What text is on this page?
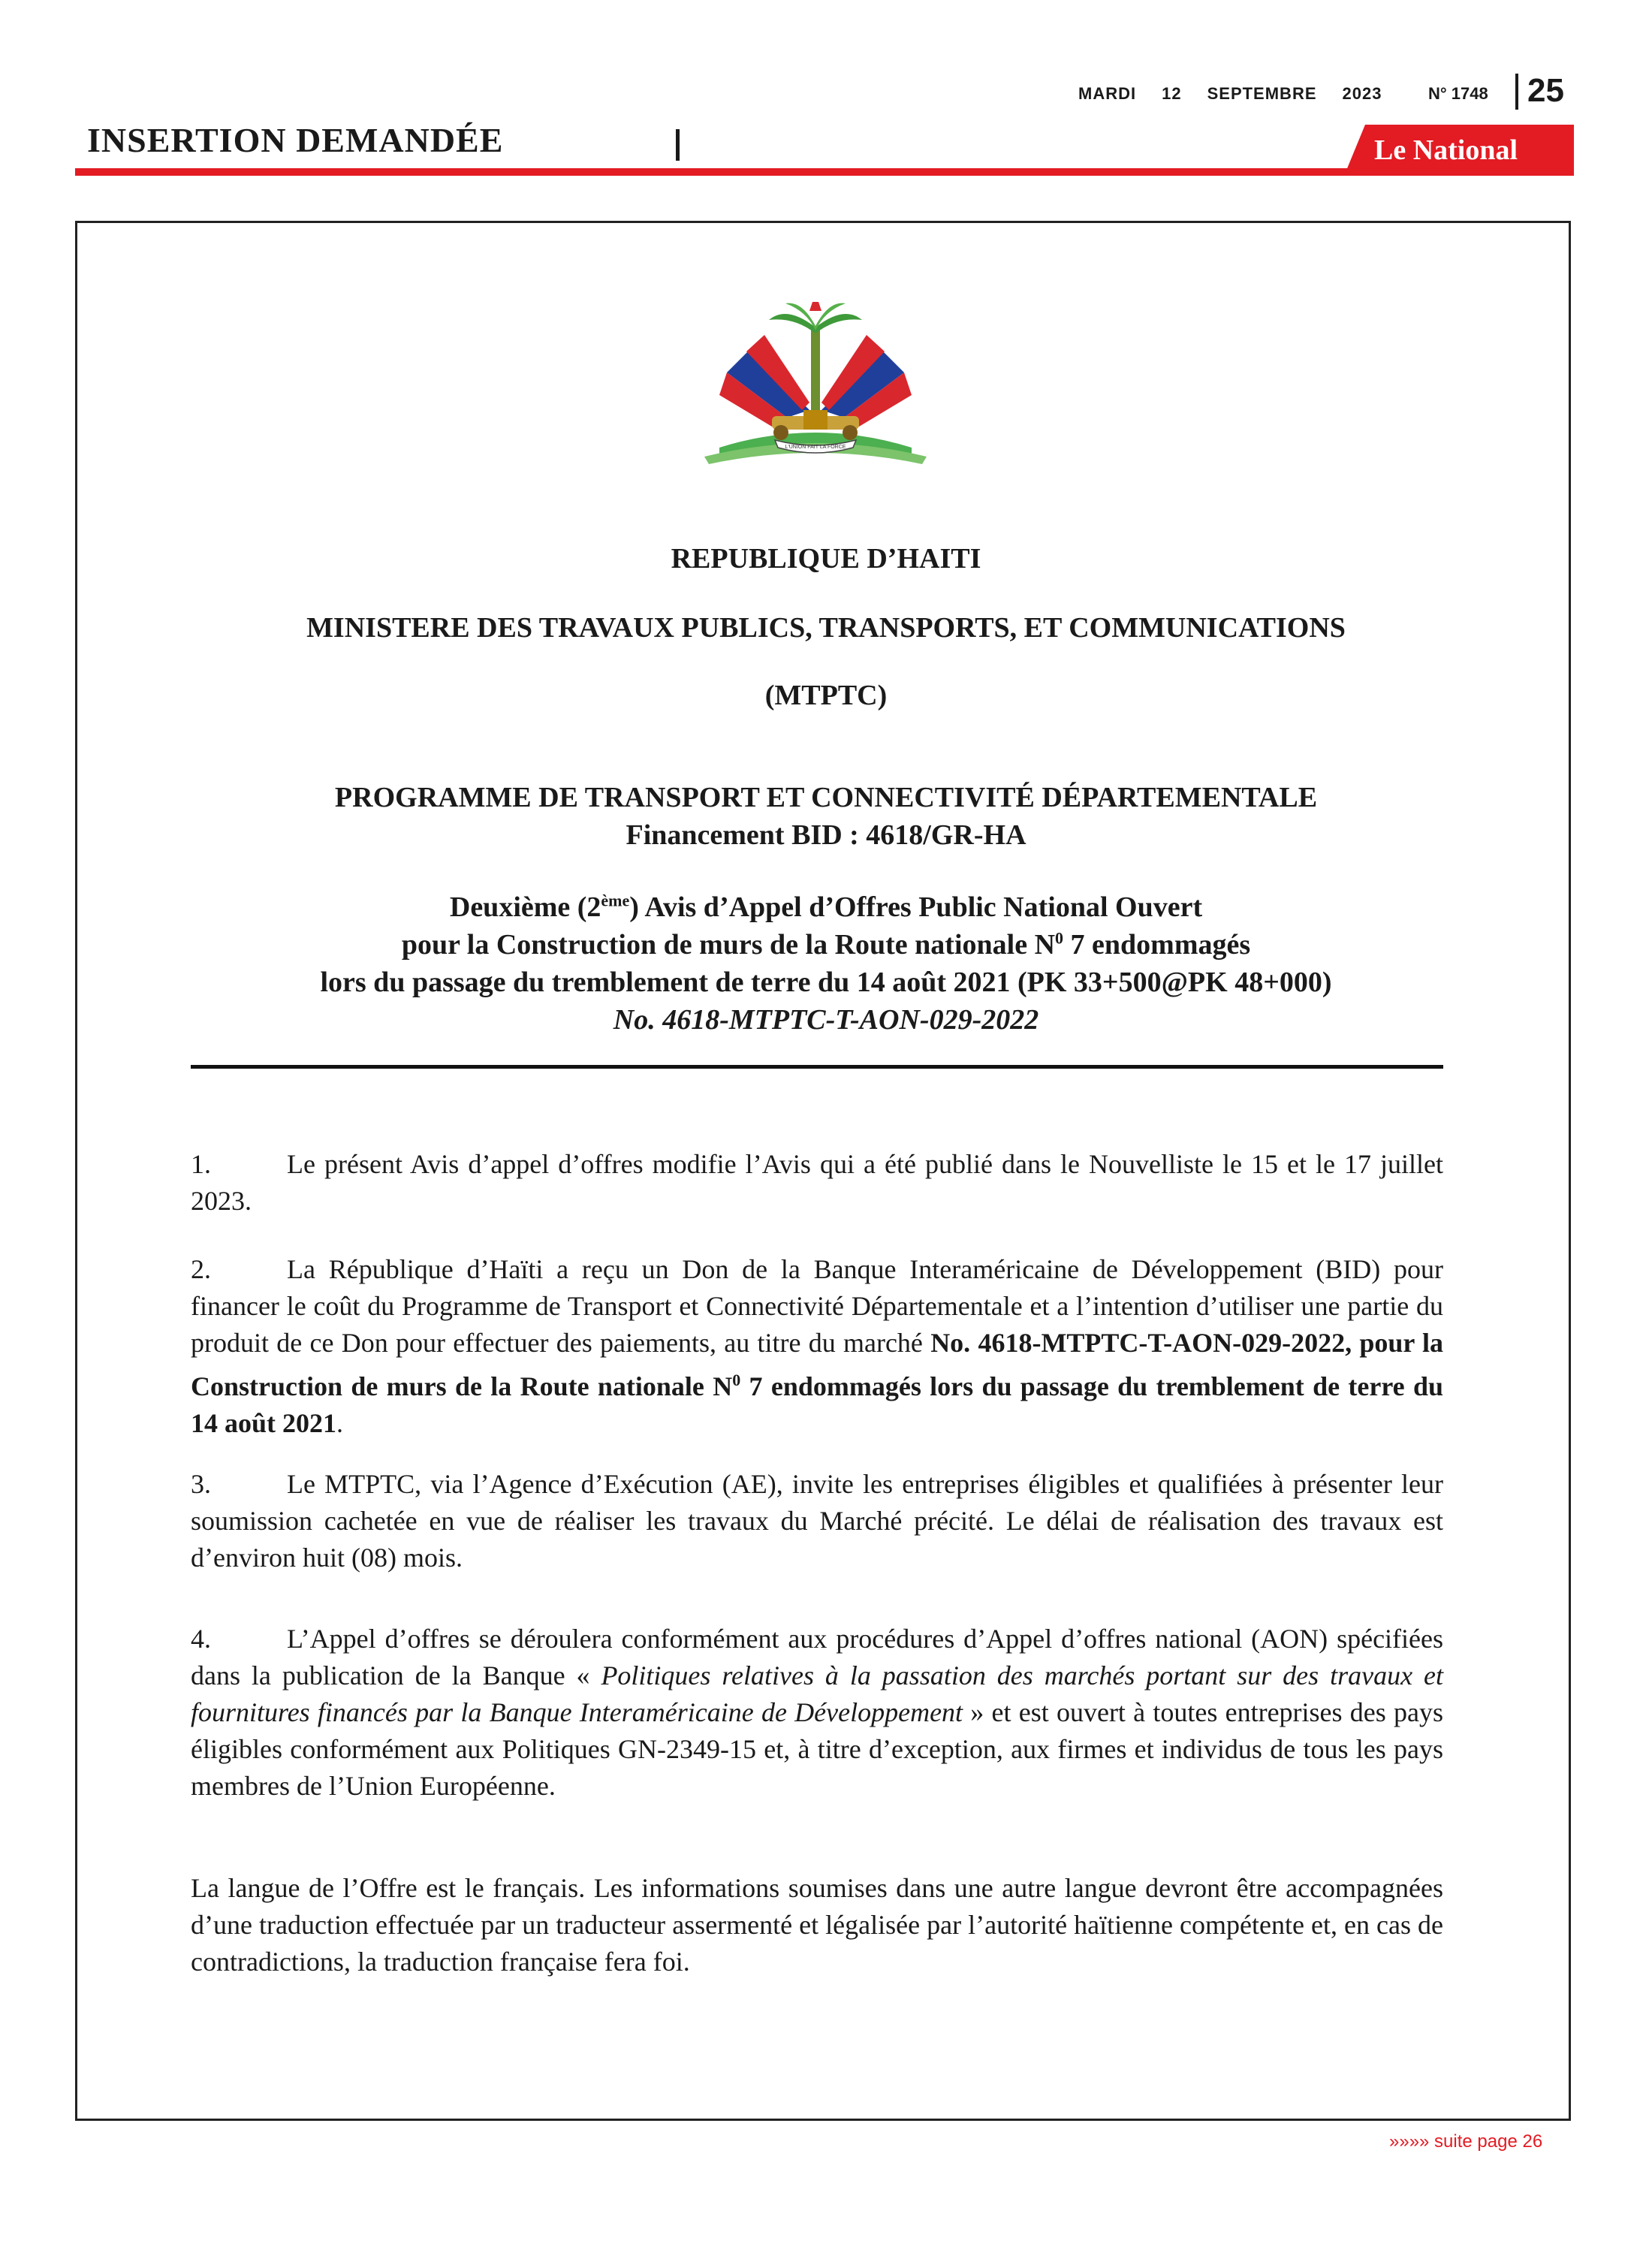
MARDI 12 SEPTEMBRE 2023	N° 1748 25
INSERTION DEMANDÉE	Le National
L'UNION FAIT LA FORCE
REPUBLIQUE D’HAITI
MINISTERE DES TRAVAUX PUBLICS, TRANSPORTS, ET COMMUNICATIONS
(MTPTC)
PROGRAMME DE TRANSPORT ET CONNECTIVITÉ DÉPARTEMENTALE
Financement BID : 4618/GR-HA
Deuxième (2ème) Avis d’Appel d’Offres Public National Ouvert
pour la Construction de murs de la Route nationale $N^0$ 7 endommagés
lors du passage du tremblement de terre du 14 août 2021 (PK 33+500@PK 48+000)
No. 4618-MTPTC-T-AON-029-2022

1.	Le présent Avis d’appel d’offres modifie l’Avis qui a été publié dans le Nouvelliste le 15 et le 17 juillet 2023.

2.	La République d’Haïti a reçu un Don de la Banque Interaméricaine de Développement (BID) pour financer le coût du Programme de Transport et Connectivité Départementale et a l’intention d’utiliser une partie du produit de ce Don pour effectuer des paiements, au titre du marché No. 4618-MTPTC-T-AON-029-2022, pour la Construction de murs de la Route nationale $N^0$ 7 endommagés lors du passage du tremblement de terre du 14 août 2021.

3.	Le MTPTC, via l’Agence d’Exécution (AE), invite les entreprises éligibles et qualifiées à présenter leur soumission cachetée en vue de réaliser les travaux du Marché précité. Le délai de réalisation des travaux est d’environ huit (08) mois.

4.	L’Appel d’offres se déroulera conformément aux procédures d’Appel d’offres national (AON) spécifiées dans la publication de la Banque « Politiques relatives à la passation des marchés portant sur des travaux et fournitures financés par la Banque Interaméricaine de Développement » et est ouvert à toutes entreprises des pays éligibles conformément aux Politiques GN-2349-15 et, à titre d’exception, aux firmes et individus de tous les pays membres de l’Union Européenne.

La langue de l’Offre est le français. Les informations soumises dans une autre langue devront être accompagnées d’une traduction effectuée par un traducteur assermenté et légalisée par l’autorité haïtienne compétente et, en cas de contradictions, la traduction française fera foi.

»»»» suite page 26
